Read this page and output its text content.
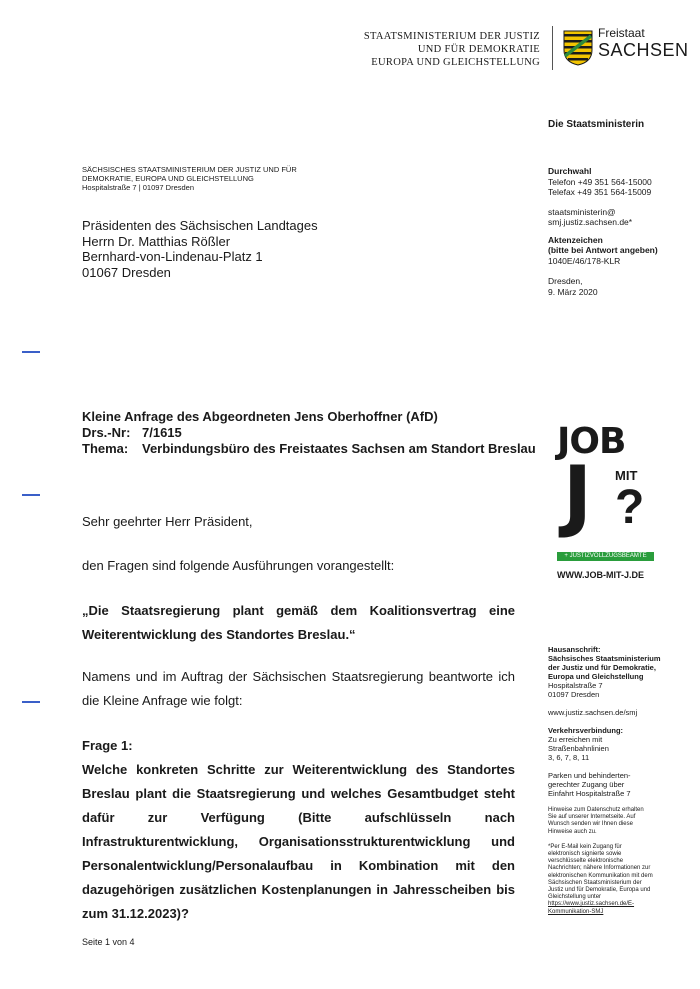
STAATSMINISTERIUM DER JUSTIZ
UND FÜR DEMOKRATIE
EUROPA UND GLEICHSTELLUNG
Freistaat
SACHSEN
Die Staatsministerin
SÄCHSISCHES STAATSMINISTERIUM DER JUSTIZ UND FÜR
DEMOKRATIE, EUROPA UND GLEICHSTELLUNG
Hospitalstraße 7 | 01097 Dresden
Präsidenten des Sächsischen Landtages
Herrn Dr. Matthias Rößler
Bernhard-von-Lindenau-Platz 1
01067 Dresden
Durchwahl
Telefon +49 351 564-15000
Telefax +49 351 564-15009
staatsministerin@
smj.justiz.sachsen.de*
Aktenzeichen
(bitte bei Antwort angeben)
1040E/46/178-KLR
Dresden,
9. März 2020
Kleine Anfrage des Abgeordneten Jens Oberhoffner (AfD)
Drs.-Nr: 7/1615
Thema:	Verbindungsbüro des Freistaates Sachsen am Standort Breslau
Sehr geehrter Herr Präsident,
den Fragen sind folgende Ausführungen vorangestellt:
„Die Staatsregierung plant gemäß dem Koalitionsvertrag eine Weiterentwicklung des Standortes Breslau.“
Namens und im Auftrag der Sächsischen Staatsregierung beantworte ich die Kleine Anfrage wie folgt:
Frage 1:
Welche konkreten Schritte zur Weiterentwicklung des Standortes Breslau plant die Staatsregierung und welches Gesamtbudget steht dafür zur Verfügung (Bitte aufschlüsseln nach Infrastrukturentwicklung, Organisationsstrukturentwicklung und Personalentwicklung/Personalaufbau in Kombination mit den dazugehörigen zusätzlichen Kostenplanungen in Jahresscheiben bis zum 31.12.2023)?
JOB
J MIT
?
+ JUSTIZVOLLZUGSBEAMTE
WWW.JOB-MIT-J.DE
Hausanschrift:
Sächsisches Staatsministerium
der Justiz und für Demokratie,
Europa und Gleichstellung
Hospitalstraße 7
01097 Dresden
www.justiz.sachsen.de/smj
Verkehrsverbindung:
Zu erreichen mit
Straßenbahnlinien
3, 6, 7, 8, 11
Parken und behinderten-
gerechter Zugang über
Einfahrt Hospitalstraße 7
Hinweise zum Datenschutz erhalten
Sie auf unserer Internetseite. Auf
Wunsch senden wir Ihnen diese
Hinweise auch zu.
*Per E-Mail kein Zugang für
elektronisch signierte sowie
verschlüsselte elektronische
Nachrichten; nähere Informationen zur
elektronischen Kommunikation mit dem
Sächsischen Staatsministerium der
Justiz und für Demokratie, Europa und
Gleichstellung unter
https://www.justiz.sachsen.de/E-
Kommunikation-SMJ
Seite 1 von 4
